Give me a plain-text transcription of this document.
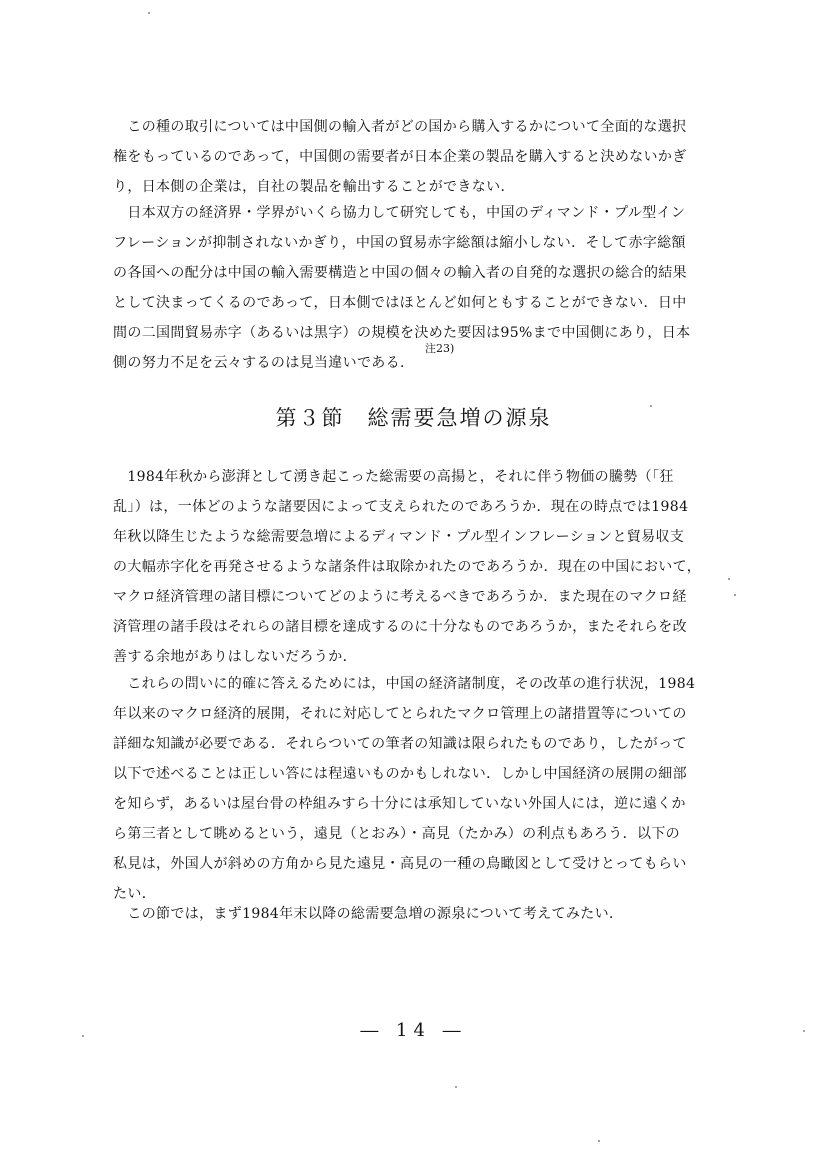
　この種の取引については中国側の輸入者がどの国から購入するかについて全面的な選択
権をもっているのであって，中国側の需要者が日本企業の製品を購入すると決めないかぎ
り，日本側の企業は，自社の製品を輸出することができない．
　日本双方の経済界・学界がいくら協力して研究しても，中国のディマンド・プル型イン
フレーションが抑制されないかぎり，中国の貿易赤字総額は縮小しない．そして赤字総額
の各国への配分は中国の輸入需要構造と中国の個々の輸入者の自発的な選択の総合的結果
として決まってくるのであって，日本側ではほとんど如何ともすることができない．日中
間の二国間貿易赤字（あるいは黒字）の規模を決めた要因は95%まで中国側にあり，日本
側の努力不足を云々するのは見当違いである．
注23)
第３節　総需要急増の源泉
　1984年秋から澎湃として湧き起こった総需要の高揚と，それに伴う物価の騰勢（「狂
乱」）は，一体どのような諸要因によって支えられたのであろうか．現在の時点では1984
年秋以降生じたような総需要急増によるディマンド・プル型インフレーションと貿易収支
の大幅赤字化を再発させるような諸条件は取除かれたのであろうか．現在の中国において，
マクロ経済管理の諸目標についてどのように考えるべきであろうか．また現在のマクロ経
済管理の諸手段はそれらの諸目標を達成するのに十分なものであろうか，またそれらを改
善する余地がありはしないだろうか．
　これらの問いに的確に答えるためには，中国の経済諸制度，その改革の進行状況，1984
年以来のマクロ経済的展開，それに対応してとられたマクロ管理上の諸措置等についての
詳細な知識が必要である．それらついての筆者の知識は限られたものであり，したがって
以下で述べることは正しい答には程遠いものかもしれない．しかし中国経済の展開の細部
を知らず，あるいは屋台骨の枠組みすら十分には承知していない外国人には，逆に遠くか
ら第三者として眺めるという，遠見（とおみ）・高見（たかみ）の利点もあろう．以下の
私見は，外国人が斜めの方角から見た遠見・高見の一種の鳥瞰図として受けとってもらい
たい．
　この節では，まず1984年末以降の総需要急増の源泉について考えてみたい．
― 14 ―
